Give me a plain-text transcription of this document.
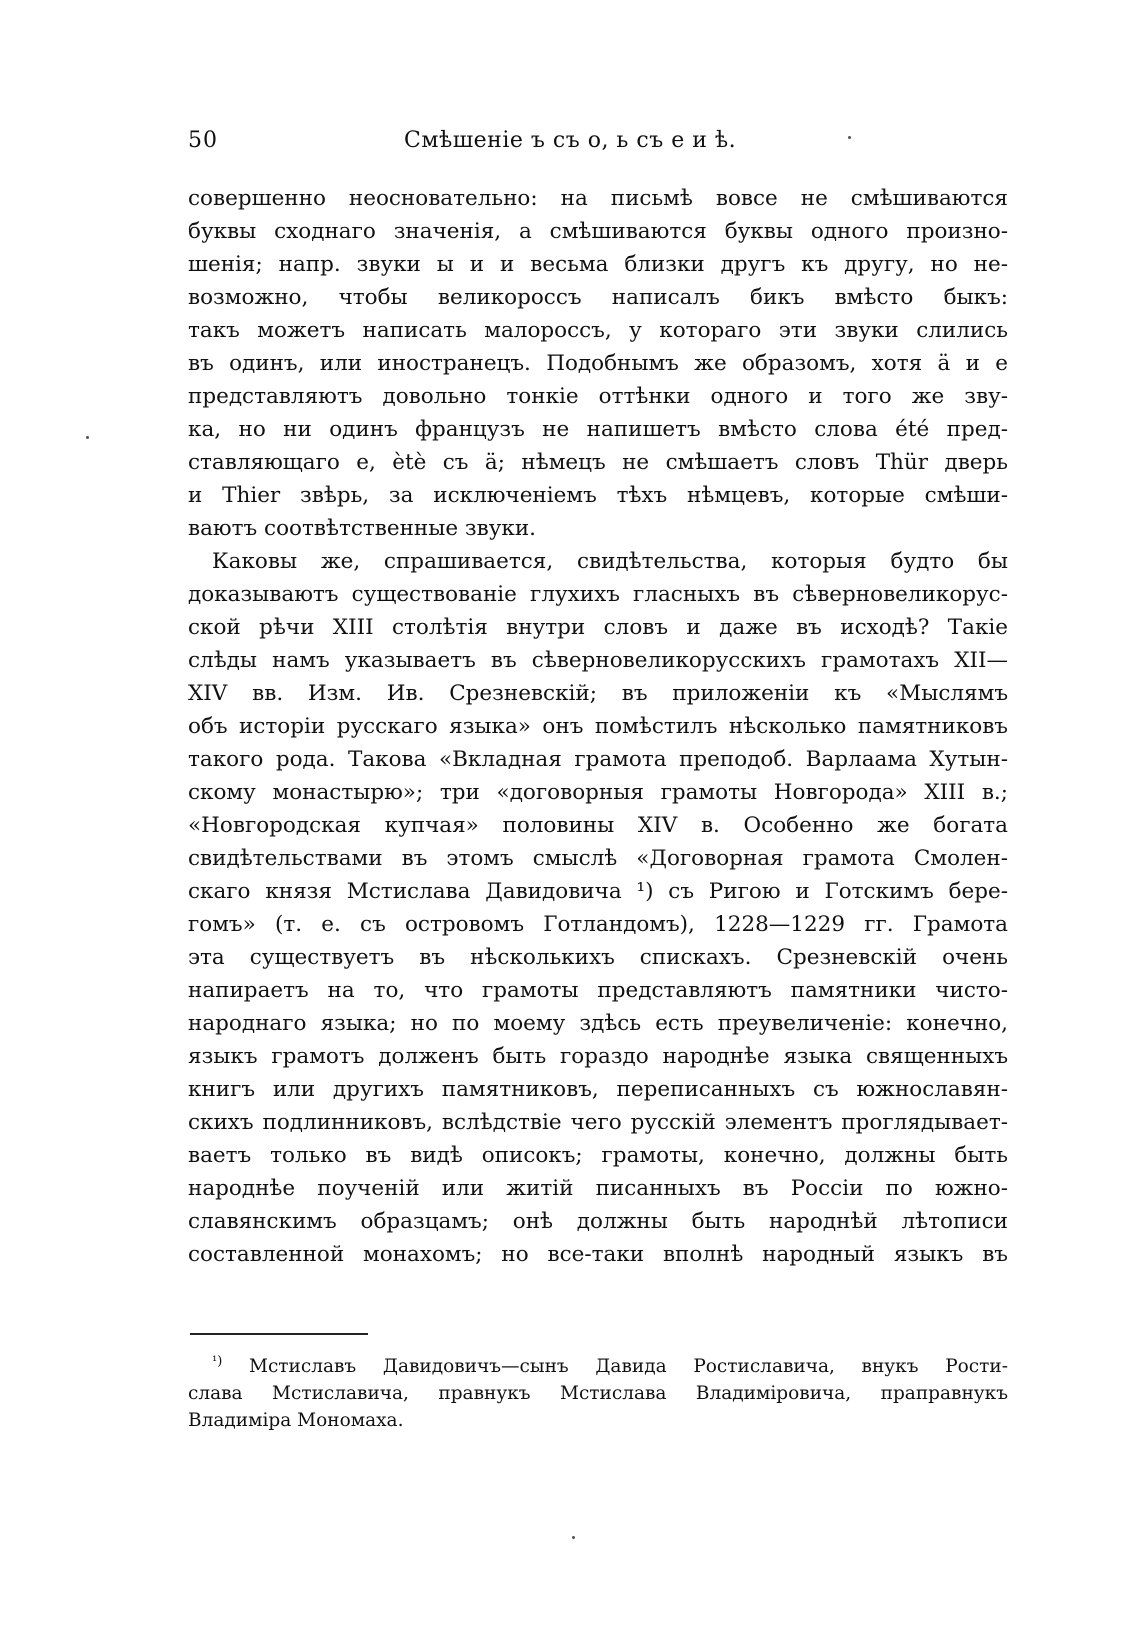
50	Смѣшеніе ъ съ о, ь съ е и ѣ.
совершенно неосновательно: на письмѣ вовсе не смѣшиваются
буквы сходнаго значенія, а смѣшиваются буквы одного произно-
шенія; напр. звуки ы и и весьма близки другъ къ другу, но не-
возможно, чтобы великороссъ написалъ бикъ вмѣсто быкъ:
такъ можетъ написать малороссъ, у котораго эти звуки слились
въ одинъ, или иностранецъ. Подобнымъ же образомъ, хотя ä и e
представляютъ довольно тонкіе оттѣнки одного и того же зву-
ка, но ни одинъ французъ не напишетъ вмѣсто слова été пред-
ставляющаго e, ètè съ ä; нѣмецъ не смѣшаетъ словъ Thür дверь
и Thier звѣрь, за исключеніемъ тѣхъ нѣмцевъ, которые смѣши-
ваютъ соотвѣтственные звуки.
Каковы же, спрашивается, свидѣтельства, которыя будто бы
доказываютъ существованіе глухихъ гласныхъ въ сѣверновеликорус-
ской рѣчи XIII столѣтія внутри словъ и даже въ исходѣ? Такіе
слѣды намъ указываетъ въ сѣверновеликорусскихъ грамотахъ XII—
XIV вв. Изм. Ив. Срезневскій; въ приложеніи къ «Мыслямъ
объ исторіи русскаго языка» онъ помѣстилъ нѣсколько памятниковъ
такого рода. Такова «Вкладная грамота преподоб. Варлаама Хутын-
скому монастырю»; три «договорныя грамоты Новгорода» XIII в.;
«Новгородская купчая» половины XIV в. Особенно же богата
свидѣтельствами въ этомъ смыслѣ «Договорная грамота Смолен-
скаго князя Мстислава Давидовича ¹) съ Ригою и Готскимъ бере-
гомъ» (т. е. съ островомъ Готландомъ), 1228—1229 гг. Грамота
эта существуетъ въ нѣсколькихъ спискахъ. Срезневскій очень
напираетъ на то, что грамоты представляютъ памятники чисто-
народнаго языка; но по моему здѣсь есть преувеличеніе: конечно,
языкъ грамотъ долженъ быть гораздо народнѣе языка священныхъ
книгъ или другихъ памятниковъ, переписанныхъ съ южнославян-
скихъ подлинниковъ, вслѣдствіе чего русскій элементъ проглядывает-
ваетъ только въ видѣ описокъ; грамоты, конечно, должны быть
народнѣе поученій или житій писанныхъ въ Россіи по южно-
славянскимъ образцамъ; онѣ должны быть народнѣй лѣтописи
составленной монахомъ; но все-таки вполнѣ народный языкъ въ
$^{^1)}$ Мстиславъ Давидовичъ—сынъ Давида Ростиславича, внукъ Рости-
слава Мстиславича, правнукъ Мстислава Владиміровича, праправнукъ
Владиміра Мономаха.
